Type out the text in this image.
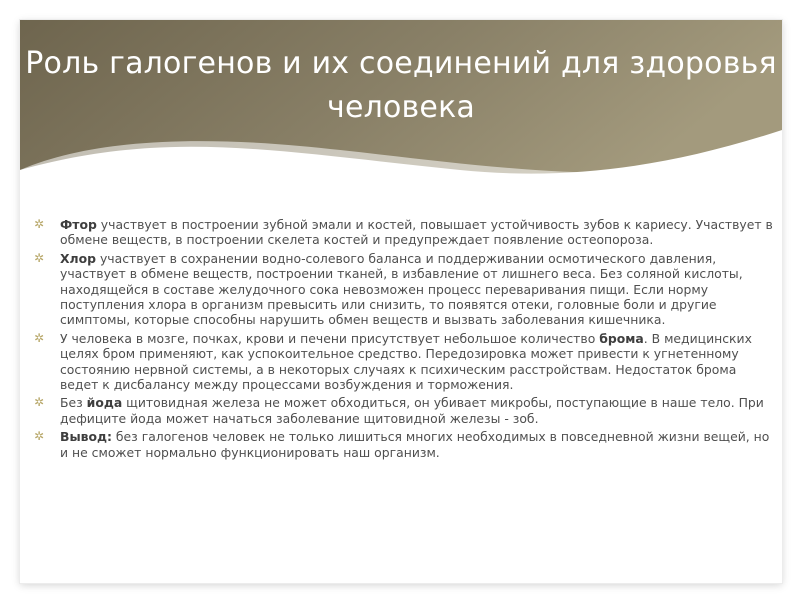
Роль галогенов и их соединений для здоровья человека
✲ Фтор участвует в построении зубной эмали и костей, повышает устойчивость зубов к кариесу. Участвует в обмене веществ, в построении скелета костей и предупреждает появление остеопороза.
✲ Хлор участвует в сохранении водно-солевого баланса и поддерживании осмотического давления, участвует в обмене веществ, построении тканей, в избавление от лишнего веса. Без соляной кислоты, находящейся в составе желудочного сока невозможен процесс переваривания пищи. Если норму поступления хлора в организм превысить или снизить, то появятся отеки, головные боли и другие симптомы, которые способны нарушить обмен веществ и вызвать заболевания кишечника.
✲ У человека в мозге, почках, крови и печени присутствует небольшое количество брома. В медицинских целях бром применяют, как успокоительное средство. Передозировка может привести к угнетенному состоянию нервной системы, а в некоторых случаях к психическим расстройствам. Недостаток брома ведет к дисбалансу между процессами возбуждения и торможения.
✲ Без йода щитовидная железа не может обходиться, он убивает микробы, поступающие в наше тело. При дефиците йода может начаться заболевание щитовидной железы - зоб.
✲ Вывод: без галогенов человек не только лишиться многих необходимых в повседневной жизни вещей, но и не сможет нормально функционировать наш организм.
